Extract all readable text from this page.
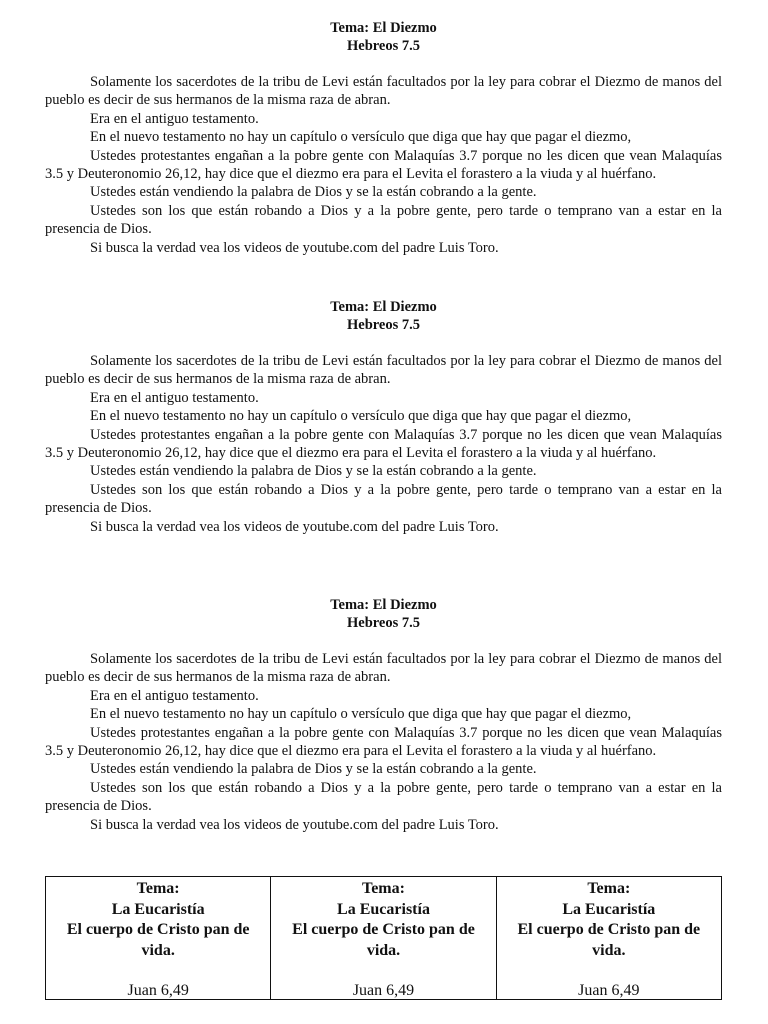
Tema: El Diezmo
Hebreos 7.5

Solamente los sacerdotes de la tribu de Levi están facultados por la ley para cobrar el Diezmo de manos del pueblo es decir de sus hermanos de la misma raza de abran.

Era en el antiguo testamento.

En el nuevo testamento no hay un capítulo o versículo que diga que hay que pagar el diezmo,

Ustedes protestantes engañan a la pobre gente con Malaquías 3.7 porque no les dicen que vean Malaquías 3.5 y Deuteronomio 26,12, hay dice que el diezmo era para el Levita el forastero a la viuda y al huérfano.

Ustedes están vendiendo la palabra de Dios y se la están cobrando a la gente.

Ustedes son los que están robando a Dios y a la pobre gente, pero tarde o temprano van a estar en la presencia de Dios.

Si busca la verdad vea los videos de youtube.com del padre Luis Toro.

Tema: El Diezmo
Hebreos 7.5

Solamente los sacerdotes de la tribu de Levi están facultados por la ley para cobrar el Diezmo de manos del pueblo es decir de sus hermanos de la misma raza de abran.

Era en el antiguo testamento.

En el nuevo testamento no hay un capítulo o versículo que diga que hay que pagar el diezmo,

Ustedes protestantes engañan a la pobre gente con Malaquías 3.7 porque no les dicen que vean Malaquías 3.5 y Deuteronomio 26,12, hay dice que el diezmo era para el Levita el forastero a la viuda y al huérfano.

Ustedes están vendiendo la palabra de Dios y se la están cobrando a la gente.

Ustedes son los que están robando a Dios y a la pobre gente, pero tarde o temprano van a estar en la presencia de Dios.

Si busca la verdad vea los videos de youtube.com del padre Luis Toro.

Tema: El Diezmo
Hebreos 7.5

Solamente los sacerdotes de la tribu de Levi están facultados por la ley para cobrar el Diezmo de manos del pueblo es decir de sus hermanos de la misma raza de abran.

Era en el antiguo testamento.

En el nuevo testamento no hay un capítulo o versículo que diga que hay que pagar el diezmo,

Ustedes protestantes engañan a la pobre gente con Malaquías 3.7 porque no les dicen que vean Malaquías 3.5 y Deuteronomio 26,12, hay dice que el diezmo era para el Levita el forastero a la viuda y al huérfano.

Ustedes están vendiendo la palabra de Dios y se la están cobrando a la gente.

Ustedes son los que están robando a Dios y a la pobre gente, pero tarde o temprano van a estar en la presencia de Dios.

Si busca la verdad vea los videos de youtube.com del padre Luis Toro.

Tema:
La Eucaristía
El cuerpo de Cristo pan de
vida.
Juan 6,49
Tema:
La Eucaristía
El cuerpo de Cristo pan de
vida.
Juan 6,49
Tema:
La Eucaristía
El cuerpo de Cristo pan de
vida.
Juan 6,49
